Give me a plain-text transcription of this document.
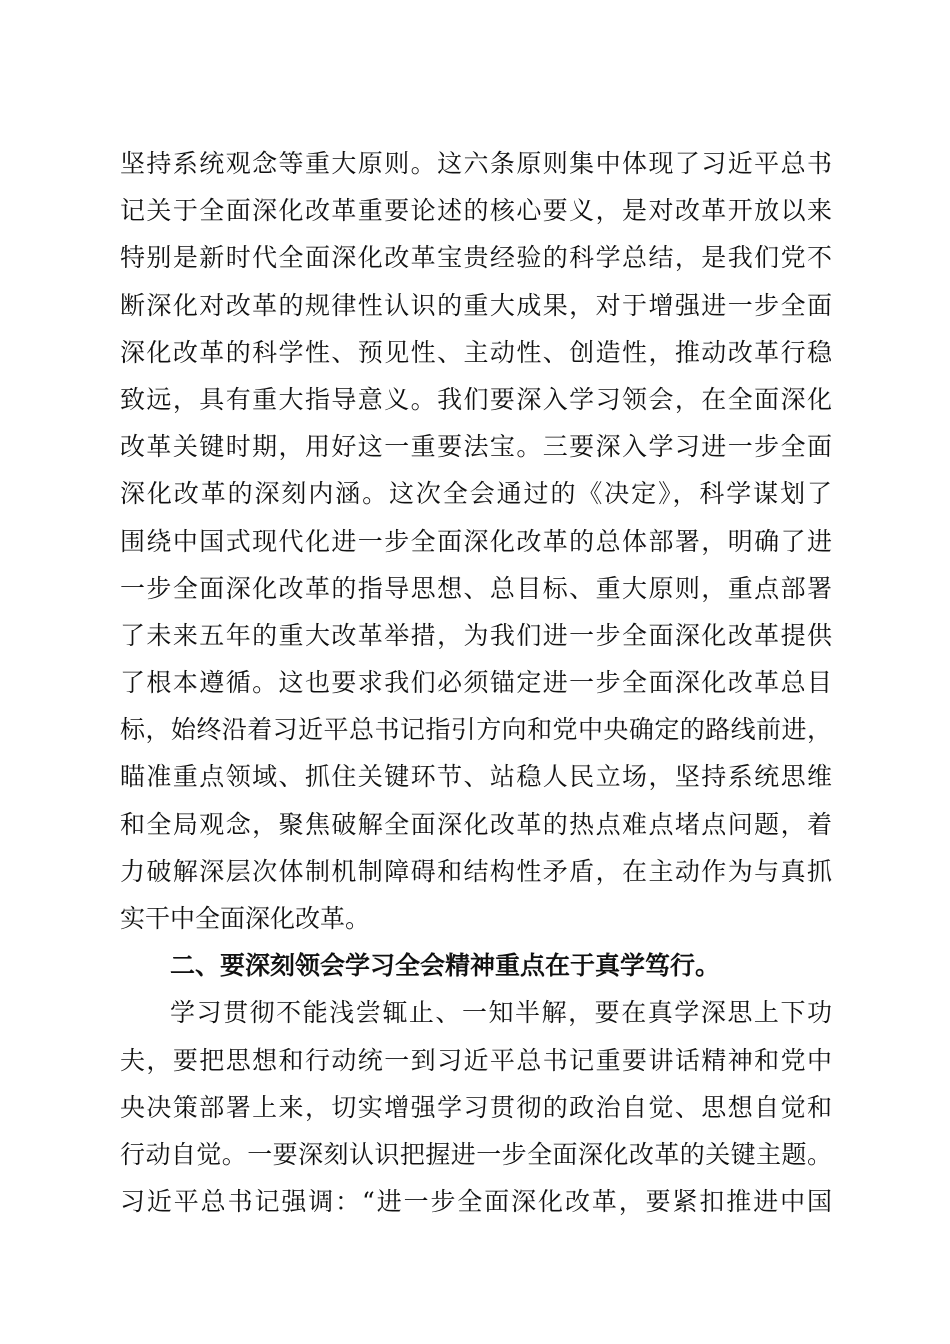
坚持系统观念等重大原则。这六条原则集中体现了习近平总书
记关于全面深化改革重要论述的核心要义，是对改革开放以来
特别是新时代全面深化改革宝贵经验的科学总结，是我们党不
断深化对改革的规律性认识的重大成果，对于增强进一步全面
深化改革的科学性、预见性、主动性、创造性，推动改革行稳
致远，具有重大指导意义。我们要深入学习领会，在全面深化
改革关键时期，用好这一重要法宝。三要深入学习进一步全面
深化改革的深刻内涵。这次全会通过的《决定》，科学谋划了
围绕中国式现代化进一步全面深化改革的总体部署，明确了进
一步全面深化改革的指导思想、总目标、重大原则，重点部署
了未来五年的重大改革举措，为我们进一步全面深化改革提供
了根本遵循。这也要求我们必须锚定进一步全面深化改革总目
标，始终沿着习近平总书记指引方向和党中央确定的路线前进，
瞄准重点领域、抓住关键环节、站稳人民立场，坚持系统思维
和全局观念，聚焦破解全面深化改革的热点难点堵点问题，着
力破解深层次体制机制障碍和结构性矛盾，在主动作为与真抓
实干中全面深化改革。
二、要深刻领会学习全会精神重点在于真学笃行。
学习贯彻不能浅尝辄止、一知半解，要在真学深思上下功
夫，要把思想和行动统一到习近平总书记重要讲话精神和党中
央决策部署上来，切实增强学习贯彻的政治自觉、思想自觉和
行动自觉。一要深刻认识把握进一步全面深化改革的关键主题。
习近平总书记强调：“进一步全面深化改革，要紧扣推进中国
